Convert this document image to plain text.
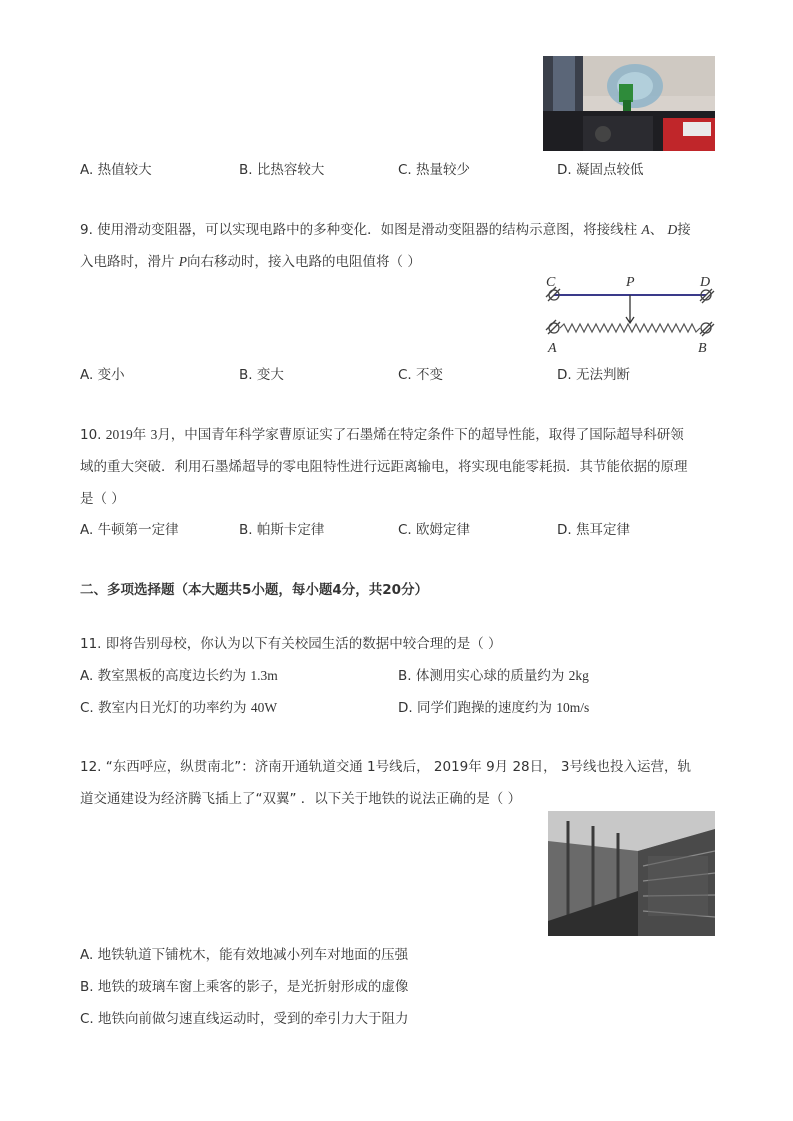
A. 热值较大	B. 比热容较大	C. 热量较少	D. 凝固点较低
9. 使用滑动变阻器，可以实现电路中的多种变化．如图是滑动变阻器的结构示意图，将接线柱 A、 D接
入电路时，滑片 P向右移动时，接入电路的电阻值将（ ）
C	P	D
A	B
A. 变小	B. 变大	C. 不变	D. 无法判断
10. 2019年 3月，中国青年科学家曹原证实了石墨烯在特定条件下的超导性能，取得了国际超导科研领
域的重大突破．利用石墨烯超导的零电阻特性进行远距离输电，将实现电能零耗损．其节能依据的原理
是（ ）
A. 牛顿第一定律	B. 帕斯卡定律	C. 欧姆定律	D. 焦耳定律
二、多项选择题（本大题共5小题，每小题4分，共20分）
11. 即将告别母校，你认为以下有关校园生活的数据中较合理的是（ ）
A. 教室黑板的高度边长约为 1.3m	B. 体测用实心球的质量约为 2kg
C. 教室内日光灯的功率约为 40W	D. 同学们跑操的速度约为 10m/s
12. “东西呼应，纵贯南北”：济南开通轨道交通 1号线后， 2019年 9月 28日， 3号线也投入运营，轨
道交通建设为经济腾飞插上了“双翼” ．以下关于地铁的说法正确的是（ ）
A. 地铁轨道下铺枕木，能有效地减小列车对地面的压强
B. 地铁的玻璃车窗上乘客的影子，是光折射形成的虚像
C. 地铁向前做匀速直线运动时，受到的牵引力大于阻力
